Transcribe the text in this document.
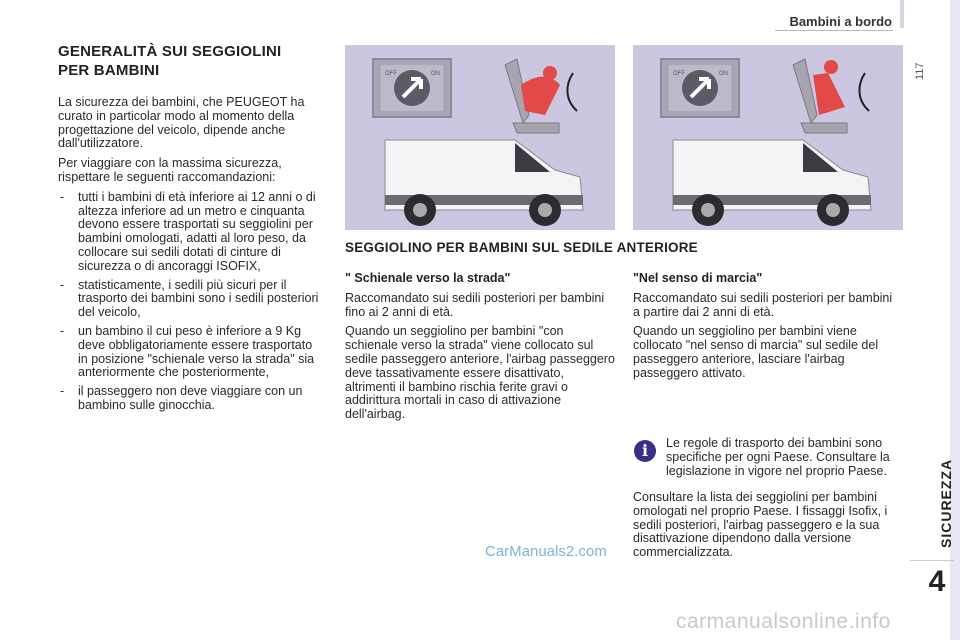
Bambini a bordo
117
SICUREZZA
4
GENERALITÀ SUI SEGGIOLINI
PER BAMBINI

La sicurezza dei bambini, che PEUGEOT ha curato in particolar modo al momento della progettazione del veicolo, dipende anche dall'utilizzatore.

Per viaggiare con la massima sicurezza, rispettare le seguenti raccomandazioni:

- tutti i bambini di età inferiore ai 12 anni o di altezza inferiore ad un metro e cinquanta devono essere trasportati su seggiolini per bambini omologati, adatti al loro peso, da collocare sui sedili dotati di cinture di sicurezza o di ancoraggi ISOFIX,
- statisticamente, i sedili più sicuri per il trasporto dei bambini sono i sedili posteriori del veicolo,
- un bambino il cui peso è inferiore a 9 Kg deve obbligatoriamente essere trasportato in posizione "schienale verso la strada" sia anteriormente che posteriormente,
- il passeggero non deve viaggiare con un bambino sulle ginocchia.
OFF	ON	OFF	ON
SEGGIOLINO PER BAMBINI SUL SEDILE ANTERIORE
" Schienale verso la strada"

Raccomandato sui sedili posteriori per bambini fino ai 2 anni di età.

Quando un seggiolino per bambini "con schienale verso la strada" viene collocato sul sedile passeggero anteriore, l'airbag passeggero deve tassativamente essere disattivato, altrimenti il bambino rischia ferite gravi o addirittura mortali in caso di attivazione dell'airbag.

"Nel senso di marcia"

Raccomandato sui sedili posteriori per bambini a partire dai 2 anni di età.

Quando un seggiolino per bambini viene collocato "nel senso di marcia" sul sedile del passeggero anteriore, lasciare l'airbag passeggero attivato.

i	Le regole di trasporto dei bambini sono specifiche per ogni Paese. Consultare la legislazione in vigore nel proprio Paese.
Consultare la lista dei seggiolini per bambini omologati nel proprio Paese. I fissaggi Isofix, i sedili posteriori, l'airbag passeggero e la sua disattivazione dipendono dalla versione commercializzata.
CarManuals2.com
carmanualsonline.info
